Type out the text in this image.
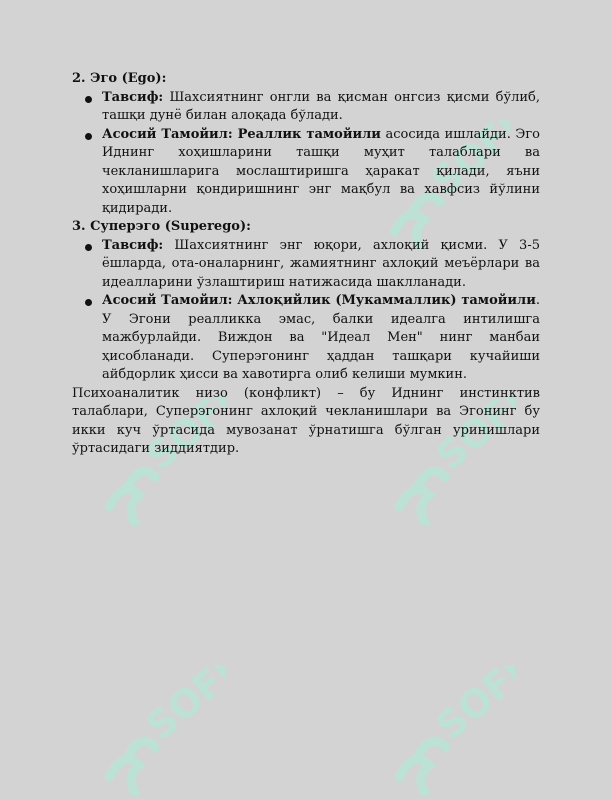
SOFF
SOFF
SOFF
SOFF
SOFF
2. Эго (Ego):
Тавсиф: Шахсиятнинг онгли ва қисман онгсиз қисми бўлиб, ташқи дунё билан алоқада бўлади.
Асосий Тамойил: Реаллик тамойили асосида ишлайди. Эго Иднинг хоҳишларини ташқи муҳит талаблари ва чекланишларига мослаштиришга ҳаракат қилади, яъни хоҳишларни қондиришнинг энг мақбул ва хавфсиз йўлини қидиради.
3. Суперэго (Superego):
Тавсиф: Шахсиятнинг энг юқори, ахлоқий қисми. У 3-5 ёшларда, ота-оналарнинг, жамиятнинг ахлоқий меъёрлари ва идеалларини ўзлаштириш натижасида шаклланади.
Асосий Тамойил: Ахлоқийлик (Мукаммаллик) тамойили. У Эгони реалликка эмас, балки идеалга интилишга мажбурлайди. Виждон ва "Идеал Мен" нинг манбаи ҳисобланади. Суперэгонинг ҳаддан ташқари кучайиши айбдорлик ҳисси ва хавотирга олиб келиши мумкин.

Психоаналитик низо (конфликт) – бу Иднинг инстинктив талаблари, Суперэгонинг ахлоқий чекланишлари ва Эгонинг бу икки куч ўртасида мувозанат ўрнатишга бўлган уринишлари ўртасидаги зиддиятдир.
